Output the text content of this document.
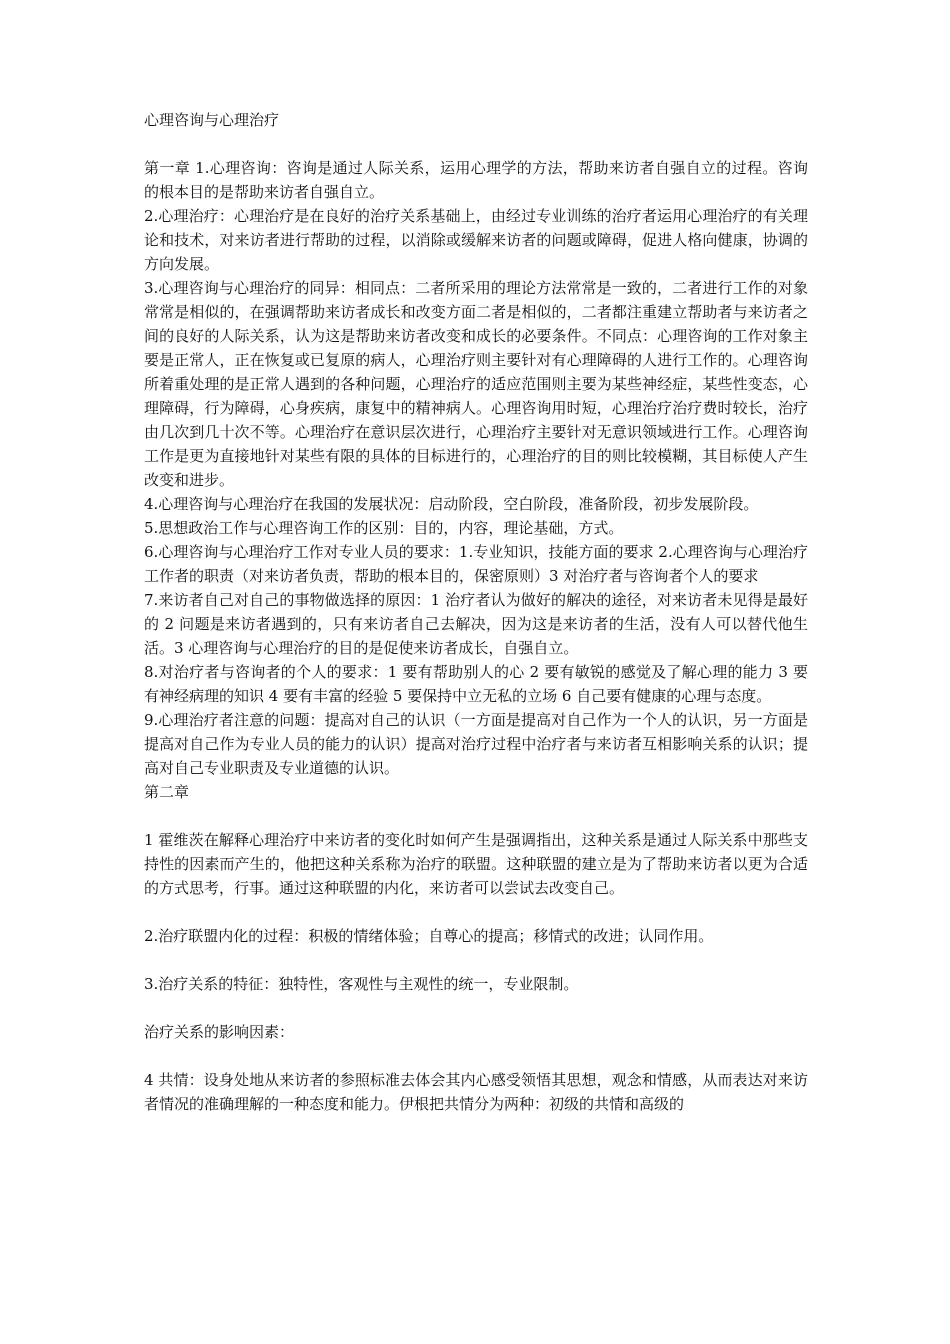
心理咨询与心理治疗

第一章 1.心理咨询：咨询是通过人际关系，运用心理学的方法，帮助来访者自强自立的过程。咨询的根本目的是帮助来访者自强自立。

2.心理治疗：心理治疗是在良好的治疗关系基础上，由经过专业训练的治疗者运用心理治疗的有关理论和技术，对来访者进行帮助的过程，以消除或缓解来访者的问题或障碍，促进人格向健康，协调的方向发展。

3.心理咨询与心理治疗的同异：相同点：二者所采用的理论方法常常是一致的，二者进行工作的对象常常是相似的，在强调帮助来访者成长和改变方面二者是相似的，二者都注重建立帮助者与来访者之间的良好的人际关系，认为这是帮助来访者改变和成长的必要条件。不同点：心理咨询的工作对象主要是正常人，正在恢复或已复原的病人，心理治疗则主要针对有心理障碍的人进行工作的。心理咨询所着重处理的是正常人遇到的各种问题，心理治疗的适应范围则主要为某些神经症，某些性变态，心理障碍，行为障碍，心身疾病，康复中的精神病人。心理咨询用时短，心理治疗治疗费时较长，治疗由几次到几十次不等。心理治疗在意识层次进行，心理治疗主要针对无意识领域进行工作。心理咨询工作是更为直接地针对某些有限的具体的目标进行的，心理治疗的目的则比较模糊，其目标使人产生改变和进步。

4.心理咨询与心理治疗在我国的发展状况：启动阶段，空白阶段，准备阶段，初步发展阶段。

5.思想政治工作与心理咨询工作的区别：目的，内容，理论基础，方式。

6.心理咨询与心理治疗工作对专业人员的要求：1.专业知识，技能方面的要求 2.心理咨询与心理治疗工作者的职责（对来访者负责，帮助的根本目的，保密原则）3 对治疗者与咨询者个人的要求

7.来访者自己对自己的事物做选择的原因：1 治疗者认为做好的解决的途径，对来访者未见得是最好的 2 问题是来访者遇到的，只有来访者自己去解决，因为这是来访者的生活，没有人可以替代他生活。3 心理咨询与心理治疗的目的是促使来访者成长，自强自立。

8.对治疗者与咨询者的个人的要求：1 要有帮助别人的心 2 要有敏锐的感觉及了解心理的能力 3 要有神经病理的知识 4 要有丰富的经验 5 要保持中立无私的立场 6 自己要有健康的心理与态度。

9.心理治疗者注意的问题：提高对自己的认识（一方面是提高对自己作为一个人的认识，另一方面是提高对自己作为专业人员的能力的认识）提高对治疗过程中治疗者与来访者互相影响关系的认识；提高对自己专业职责及专业道德的认识。

第二章

1 霍维茨在解释心理治疗中来访者的变化时如何产生是强调指出，这种关系是通过人际关系中那些支持性的因素而产生的，他把这种关系称为治疗的联盟。这种联盟的建立是为了帮助来访者以更为合适的方式思考，行事。通过这种联盟的内化，来访者可以尝试去改变自己。

2.治疗联盟内化的过程：积极的情绪体验；自尊心的提高；移情式的改进；认同作用。

3.治疗关系的特征：独特性，客观性与主观性的统一，专业限制。

治疗关系的影响因素：

4 共情：设身处地从来访者的参照标准去体会其内心感受领悟其思想，观念和情感，从而表达对来访者情况的准确理解的一种态度和能力。伊根把共情分为两种：初级的共情和高级的
